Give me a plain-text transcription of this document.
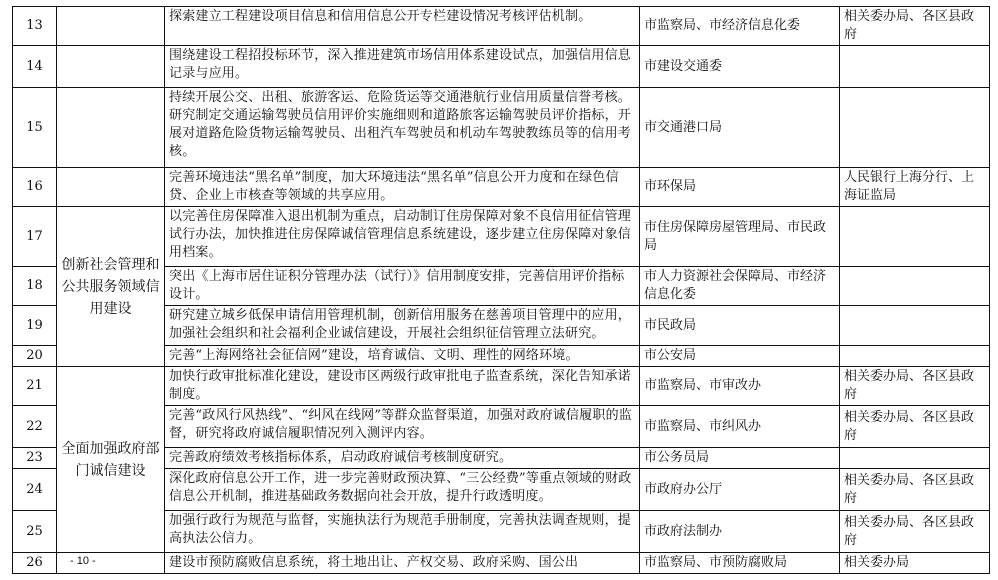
13		探索建立工程建设项目信息和信用信息公开专栏建设情况考核评估机制。	市监察局、市经济信息化委	相关委办局、各区县政府
14		围绕建设工程招投标环节，深入推进建筑市场信用体系建设试点，加强信用信息记录与应用。	市建设交通委	
15		持续开展公交、出租、旅游客运、危险货运等交通港航行业信用质量信誉考核。研究制定交通运输驾驶员信用评价实施细则和道路旅客运输驾驶员评价指标，开展对道路危险货物运输驾驶员、出租汽车驾驶员和机动车驾驶教练员等的信用考核。	市交通港口局	
16		完善环境违法“黑名单”制度，加大环境违法“黑名单”信息公开力度和在绿色信贷、企业上市核查等领域的共享应用。	市环保局	人民银行上海分行、上海证监局
17	创新社会管理和公共服务领域信用建设	以完善住房保障准入退出机制为重点，启动制订住房保障对象不良信用征信管理试行办法，加快推进住房保障诚信管理信息系统建设，逐步建立住房保障对象信用档案。	市住房保障房屋管理局、市民政局	
18		突出《上海市居住证积分管理办法（试行）》信用制度安排，完善信用评价指标设计。	市人力资源社会保障局、市经济信息化委	
19		研究建立城乡低保申请信用管理机制，创新信用服务在慈善项目管理中的应用，加强社会组织和社会福利企业诚信建设，开展社会组织征信管理立法研究。	市民政局	
20		完善“上海网络社会征信网”建设，培育诚信、文明、理性的网络环境。	市公安局	
21	全面加强政府部门诚信建设	加快行政审批标准化建设，建设市区两级行政审批电子监查系统，深化告知承诺制度。	市监察局、市审改办	相关委办局、各区县政府
22		完善“政风行风热线”、“纠风在线网”等群众监督渠道，加强对政府诚信履职的监督，研究将政府诚信履职情况列入测评内容。	市监察局、市纠风办	相关委办局、各区县政府
23		完善政府绩效考核指标体系，启动政府诚信考核制度研究。	市公务员局	
24		深化政府信息公开工作，进一步完善财政预决算、“三公经费”等重点领域的财政信息公开机制，推进基础政务数据向社会开放，提升行政透明度。	市政府办公厅	相关委办局、各区县政府
25		加强行政行为规范与监督，实施执法行为规范手册制度，完善执法调查规则，提高执法公信力。	市政府法制办	相关委办局、各区县政府
26		建设市预防腐败信息系统，将土地出让、产权交易、政府采购、国公出	市监察局、市预防腐败局	相关委办局
- 10 -
